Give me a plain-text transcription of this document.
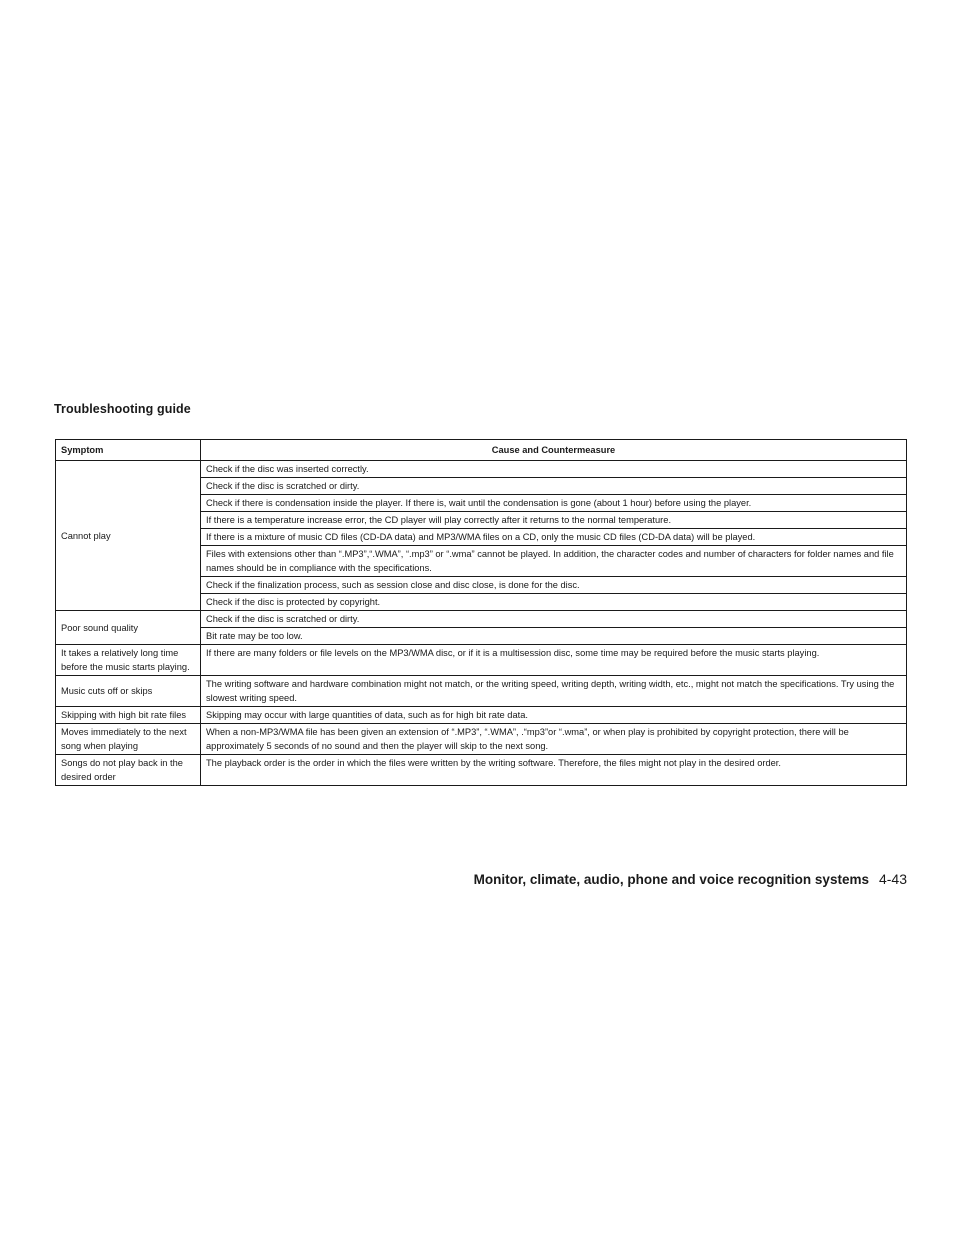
Troubleshooting guide
Symptom	Cause and Countermeasure
Cannot play	Check if the disc was inserted correctly.
	Check if the disc is scratched or dirty.
	Check if there is condensation inside the player. If there is, wait until the condensation is gone (about 1 hour) before using the player.
	If there is a temperature increase error, the CD player will play correctly after it returns to the normal temperature.
	If there is a mixture of music CD files (CD-DA data) and MP3/WMA files on a CD, only the music CD files (CD-DA data) will be played.
	Files with extensions other than “.MP3”,“.WMA”, “.mp3” or “.wma” cannot be played. In addition, the character codes and number of characters for folder names and file names should be in compliance with the specifications.
	Check if the finalization process, such as session close and disc close, is done for the disc.
	Check if the disc is protected by copyright.
Poor sound quality	Check if the disc is scratched or dirty.
	Bit rate may be too low.
It takes a relatively long time before the music starts playing.	If there are many folders or file levels on the MP3/WMA disc, or if it is a multisession disc, some time may be required before the music starts playing.
Music cuts off or skips	The writing software and hardware combination might not match, or the writing speed, writing depth, writing width, etc., might not match the specifications. Try using the slowest writing speed.
Skipping with high bit rate files	Skipping may occur with large quantities of data, such as for high bit rate data.
Moves immediately to the next song when playing	When a non-MP3/WMA file has been given an extension of “.MP3”, “.WMA”, .“mp3”or “.wma”, or when play is prohibited by copyright protection, there will be approximately 5 seconds of no sound and then the player will skip to the next song.
Songs do not play back in the desired order	The playback order is the order in which the files were written by the writing software. Therefore, the files might not play in the desired order.
Monitor, climate, audio, phone and voice recognition systems 4-43
